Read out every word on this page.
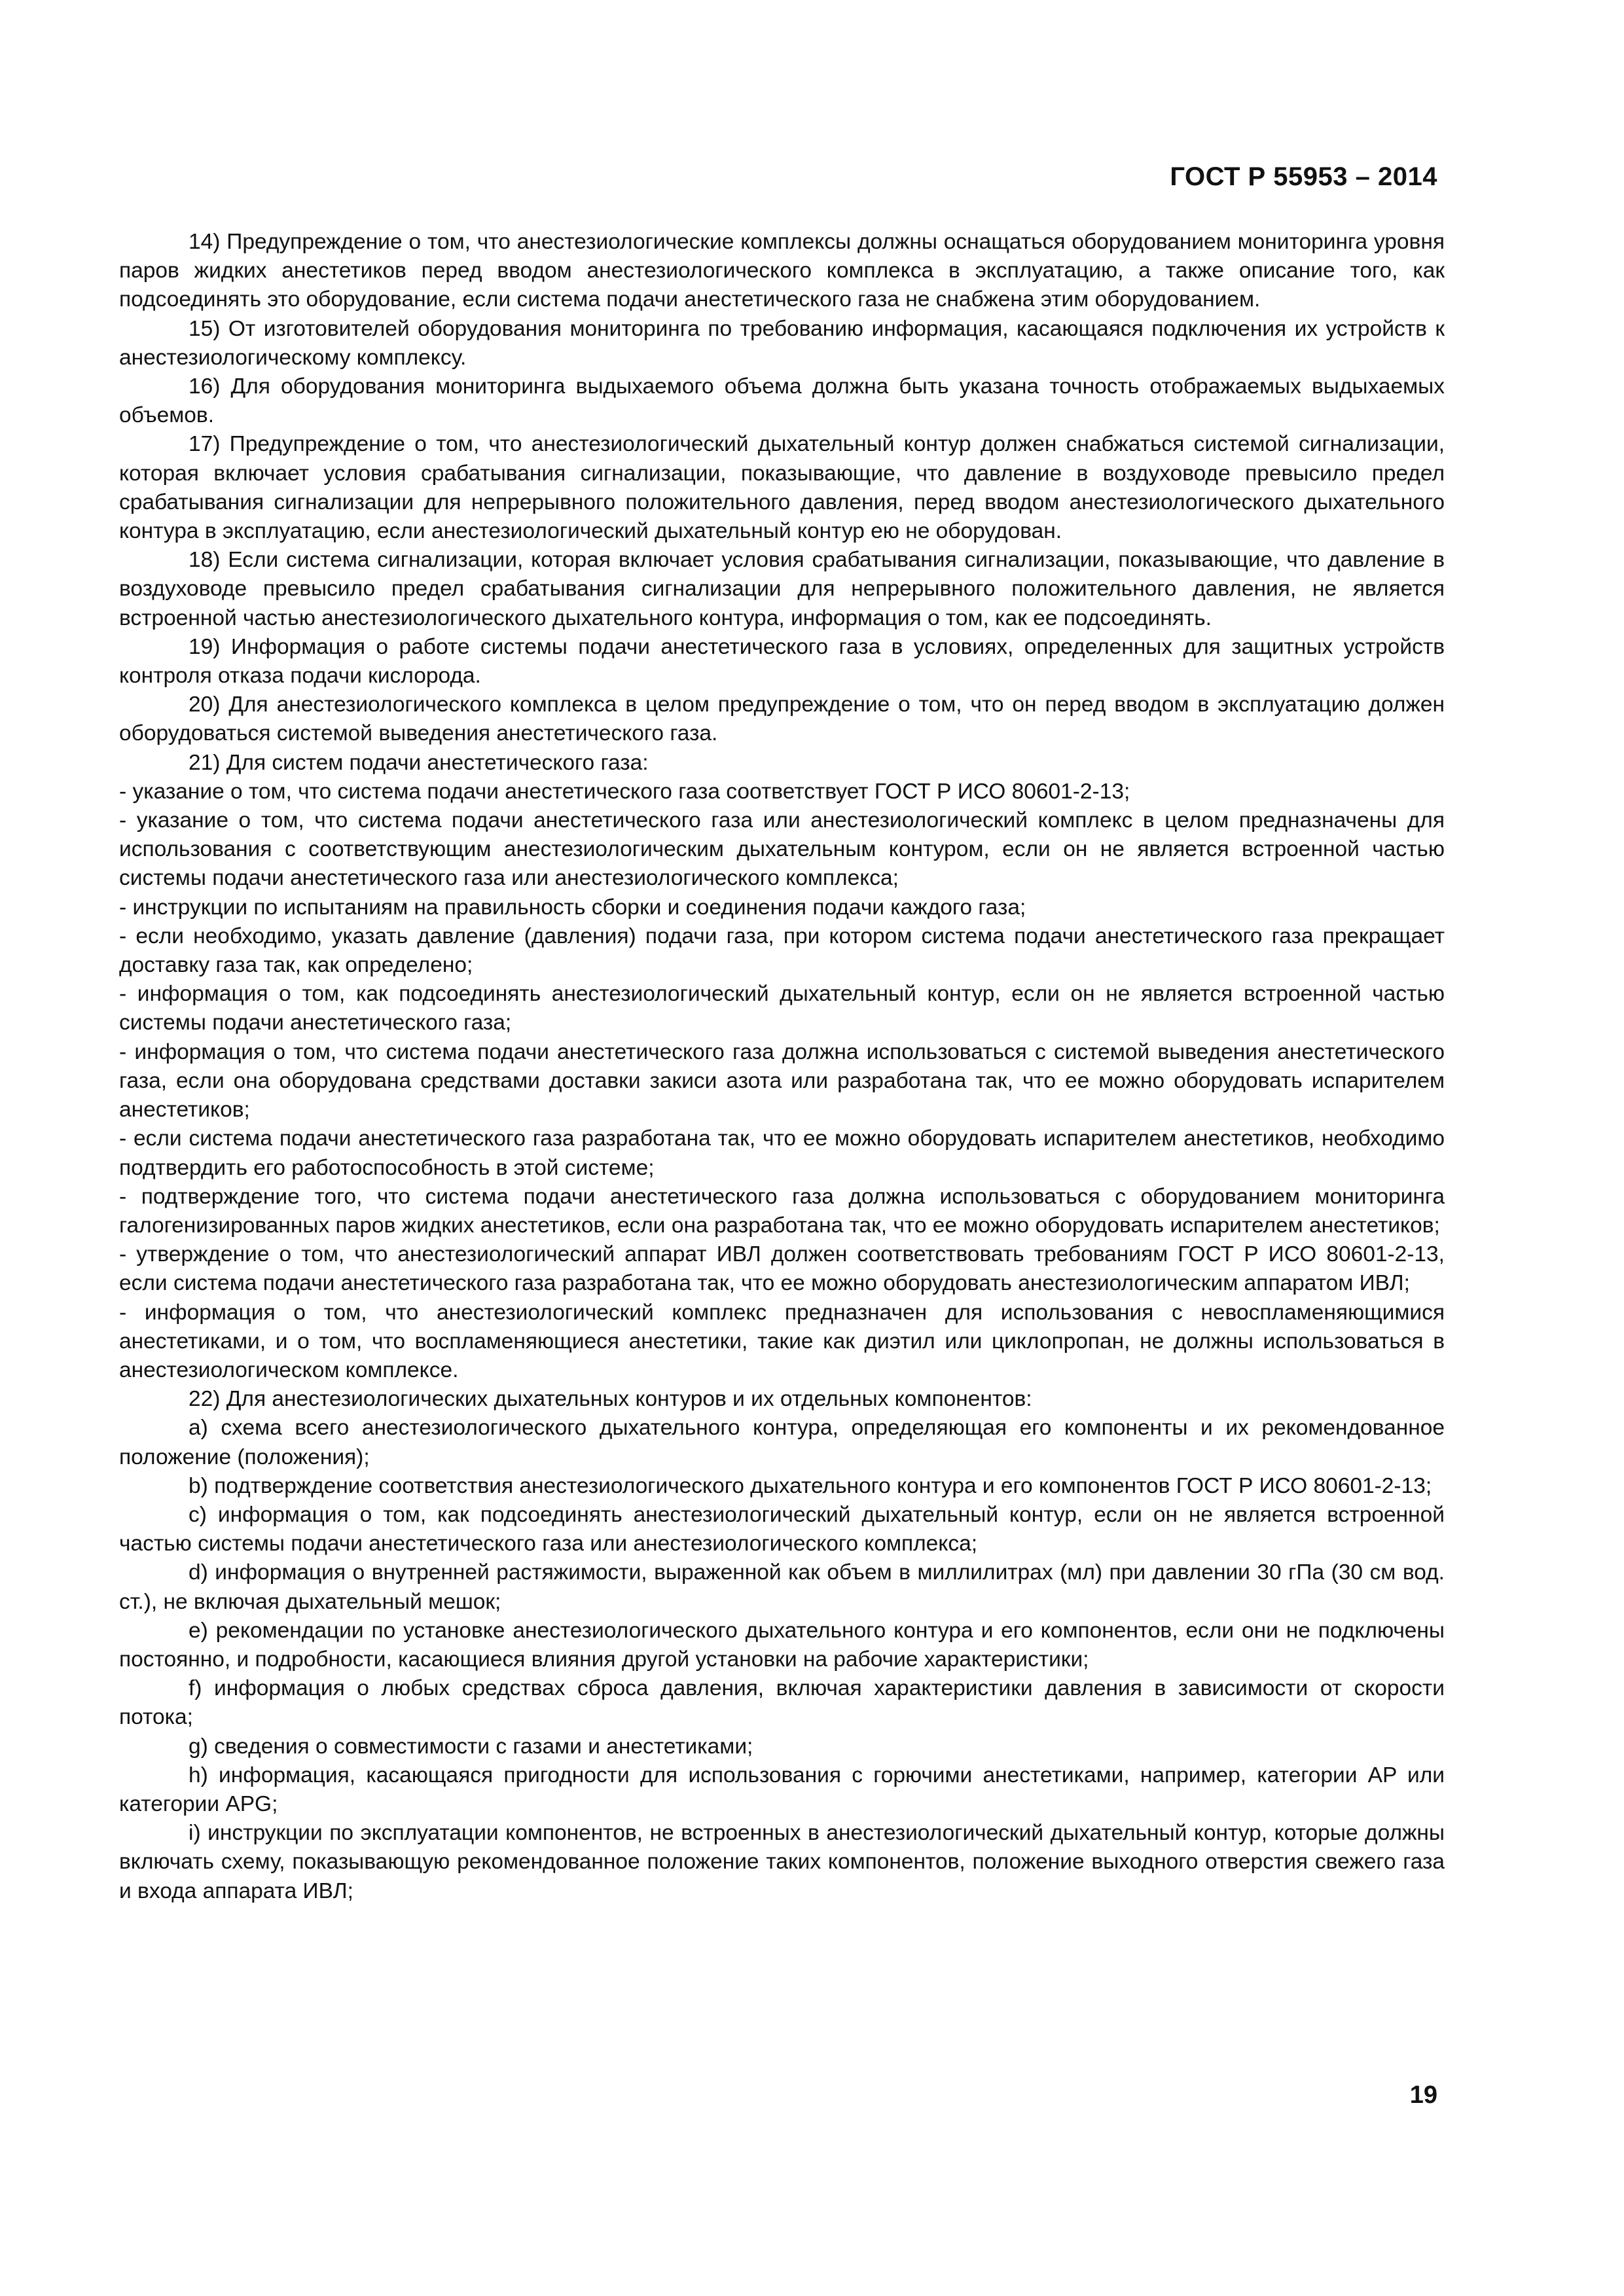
ГОСТ Р 55953 – 2014

14) Предупреждение о том, что анестезиологические комплексы должны оснащаться оборудованием мониторинга уровня паров жидких анестетиков перед вводом анестезиологического комплекса в эксплуатацию, а также описание того, как подсоединять это оборудование, если система подачи анестетического газа не снабжена этим оборудованием.

15) От изготовителей оборудования мониторинга по требованию информация, касающаяся подключения их устройств к анестезиологическому комплексу.

16) Для оборудования мониторинга выдыхаемого объема должна быть указана точность отображаемых выдыхаемых объемов.

17) Предупреждение о том, что анестезиологический дыхательный контур должен снабжаться системой сигнализации, которая включает условия срабатывания сигнализации, показывающие, что давление в воздуховоде превысило предел срабатывания сигнализации для непрерывного положительного давления, перед вводом анестезиологического дыхательного контура в эксплуатацию, если анестезиологический дыхательный контур ею не оборудован.

18) Если система сигнализации, которая включает условия срабатывания сигнализации, показывающие, что давление в воздуховоде превысило предел срабатывания сигнализации для непрерывного положительного давления, не является встроенной частью анестезиологического дыхательного контура, информация о том, как ее подсоединять.

19) Информация о работе системы подачи анестетического газа в условиях, определенных для защитных устройств контроля отказа подачи кислорода.

20) Для анестезиологического комплекса в целом предупреждение о том, что он перед вводом в эксплуатацию должен оборудоваться системой выведения анестетического газа.

21) Для систем подачи анестетического газа:

- указание о том, что система подачи анестетического газа соответствует ГОСТ Р ИСО 80601-2-13;

- указание о том, что система подачи анестетического газа или анестезиологический комплекс в целом предназначены для использования с соответствующим анестезиологическим дыхательным контуром, если он не является встроенной частью системы подачи анестетического газа или анестезиологического комплекса;

- инструкции по испытаниям на правильность сборки и соединения подачи каждого газа;

- если необходимо, указать давление (давления) подачи газа, при котором система подачи анестетического газа прекращает доставку газа так, как определено;

- информация о том, как подсоединять анестезиологический дыхательный контур, если он не является встроенной частью системы подачи анестетического газа;

- информация о том, что система подачи анестетического газа должна использоваться с системой выведения анестетического газа, если она оборудована средствами доставки закиси азота или разработана так, что ее можно оборудовать испарителем анестетиков;

- если система подачи анестетического газа разработана так, что ее можно оборудовать испарителем анестетиков, необходимо подтвердить его работоспособность в этой системе;

- подтверждение того, что система подачи анестетического газа должна использоваться с оборудованием мониторинга галогенизированных паров жидких анестетиков, если она разработана так, что ее можно оборудовать испарителем анестетиков;

- утверждение о том, что анестезиологический аппарат ИВЛ должен соответствовать требованиям ГОСТ Р ИСО 80601-2-13, если система подачи анестетического газа разработана так, что ее можно оборудовать анестезиологическим аппаратом ИВЛ;

- информация о том, что анестезиологический комплекс предназначен для использования с невоспламеняющимися анестетиками, и о том, что воспламеняющиеся анестетики, такие как диэтил или циклопропан, не должны использоваться в анестезиологическом комплексе.

22) Для анестезиологических дыхательных контуров и их отдельных компонентов:

a) схема всего анестезиологического дыхательного контура, определяющая его компоненты и их рекомендованное положение (положения);

b) подтверждение соответствия анестезиологического дыхательного контура и его компонентов ГОСТ Р ИСО 80601-2-13;

c) информация о том, как подсоединять анестезиологический дыхательный контур, если он не является встроенной частью системы подачи анестетического газа или анестезиологического комплекса;

d) информация о внутренней растяжимости, выраженной как объем в миллилитрах (мл) при давлении 30 гПа (30 см вод. ст.), не включая дыхательный мешок;

e) рекомендации по установке анестезиологического дыхательного контура и его компонентов, если они не подключены постоянно, и подробности, касающиеся влияния другой установки на рабочие характеристики;

f) информация о любых средствах сброса давления, включая характеристики давления в зависимости от скорости потока;

g) сведения о совместимости с газами и анестетиками;

h) информация, касающаяся пригодности для использования с горючими анестетиками, например, категории AP или категории APG;

i) инструкции по эксплуатации компонентов, не встроенных в анестезиологический дыхательный контур, которые должны включать схему, показывающую рекомендованное положение таких компонентов, положение выходного отверстия свежего газа и входа аппарата ИВЛ;

19
